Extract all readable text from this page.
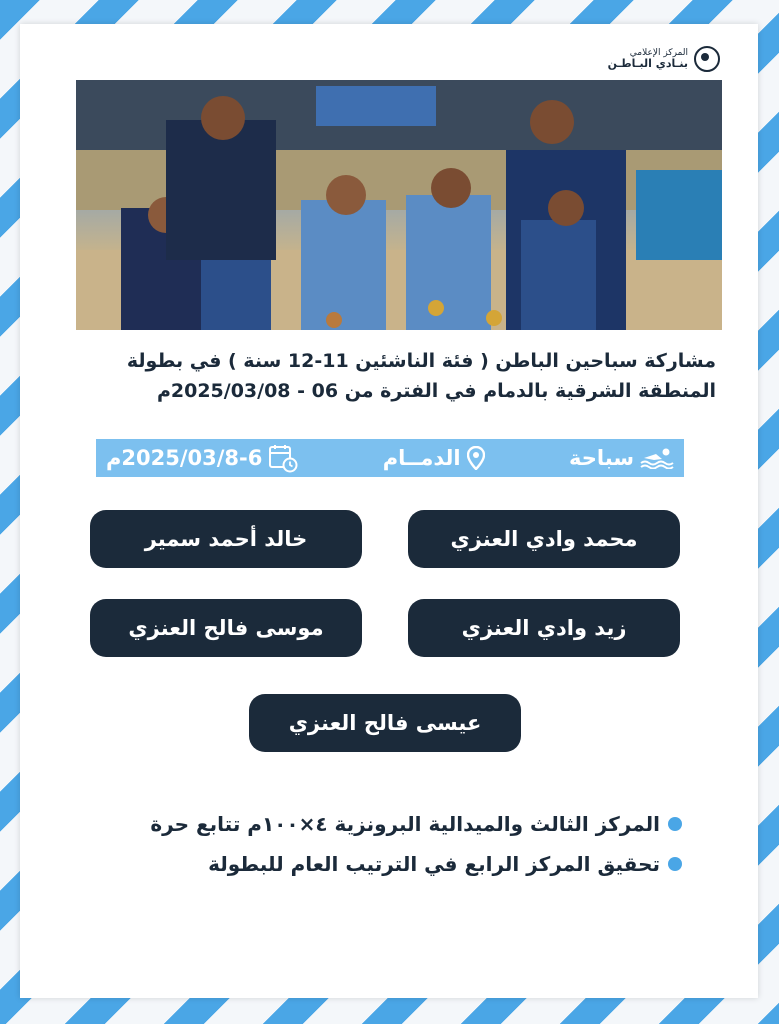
المركز الإعلامي
بنـادي البـاطـن
مشاركة سباحين الباطن ( فئة الناشئين 11-12 سنة ) في بطولة
المنطقة الشرقية بالدمام في الفترة من 06 - 2025/03/08م
سباحة
الدمــام
2025/03/8-6م
محمد وادي العنزي
خالد أحمد سمير
زيد وادي العنزي
موسى فالح العنزي
عيسى فالح العنزي
المركز الثالث والميدالية البرونزية ٤×١٠٠م تتابع حرة
تحقيق المركز الرابع في الترتيب العام للبطولة
